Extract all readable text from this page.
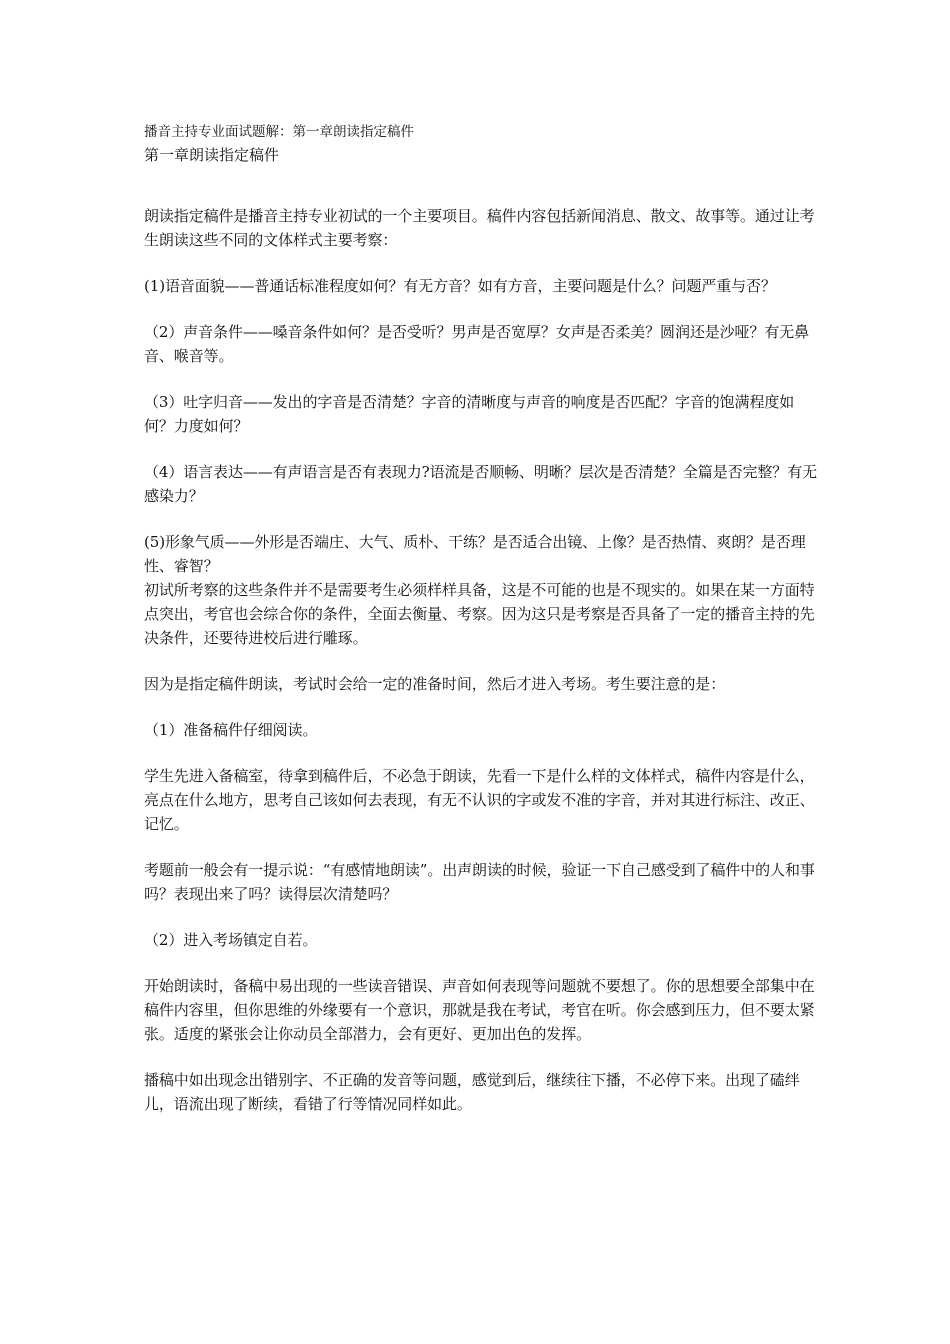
播音主持专业面试题解：第一章朗读指定稿件
第一章朗读指定稿件

朗读指定稿件是播音主持专业初试的一个主要项目。稿件内容包括新闻消息、散文、故事等。通过让考生朗读这些不同的文体样式主要考察：

(1)语音面貌——普通话标准程度如何？有无方音？如有方音，主要问题是什么？问题严重与否？

（2）声音条件——嗓音条件如何？是否受听？男声是否宽厚？女声是否柔美？圆润还是沙哑？有无鼻音、喉音等。

（3）吐字归音——发出的字音是否清楚？字音的清晰度与声音的响度是否匹配？字音的饱满程度如何？力度如何？

（4）语言表达——有声语言是否有表现力?语流是否顺畅、明晰？层次是否清楚？全篇是否完整？有无感染力？

(5)形象气质——外形是否端庄、大气、质朴、干练？是否适合出镜、上像？是否热情、爽朗？是否理性、睿智？

初试所考察的这些条件并不是需要考生必须样样具备，这是不可能的也是不现实的。如果在某一方面特点突出，考官也会综合你的条件，全面去衡量、考察。因为这只是考察是否具备了一定的播音主持的先决条件，还要待进校后进行雕琢。

因为是指定稿件朗读，考试时会给一定的准备时间，然后才进入考场。考生要注意的是：

（1）准备稿件仔细阅读。

学生先进入备稿室，待拿到稿件后，不必急于朗读，先看一下是什么样的文体样式，稿件内容是什么，亮点在什么地方，思考自己该如何去表现，有无不认识的字或发不准的字音，并对其进行标注、改正、记忆。

考题前一般会有一提示说：“有感情地朗读”。出声朗读的时候，验证一下自己感受到了稿件中的人和事吗？表现出来了吗？读得层次清楚吗？

（2）进入考场镇定自若。

开始朗读时，备稿中易出现的一些读音错误、声音如何表现等问题就不要想了。你的思想要全部集中在稿件内容里，但你思维的外缘要有一个意识，那就是我在考试，考官在听。你会感到压力，但不要太紧张。适度的紧张会让你动员全部潜力，会有更好、更加出色的发挥。

播稿中如出现念出错别字、不正确的发音等问题，感觉到后，继续往下播，不必停下来。出现了磕绊儿，语流出现了断续，看错了行等情况同样如此。
